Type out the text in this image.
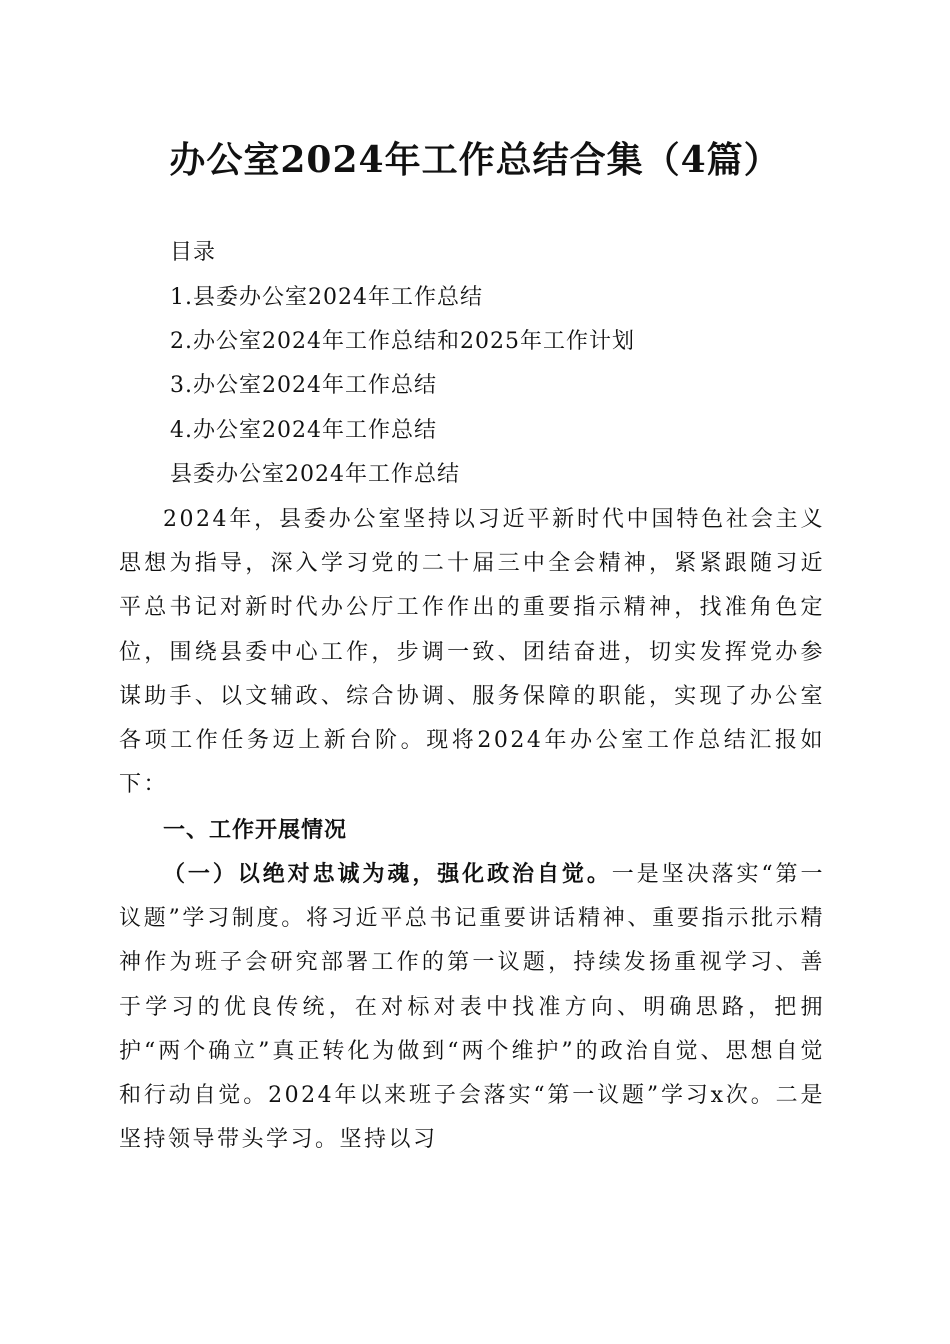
办公室2024年工作总结合集（4篇）
目录
1.县委办公室2024年工作总结
2.办公室2024年工作总结和2025年工作计划
3.办公室2024年工作总结
4.办公室2024年工作总结
县委办公室2024年工作总结

2024年，县委办公室坚持以习近平新时代中国特色社会主义思想为指导，深入学习党的二十届三中全会精神，紧紧跟随习近平总书记对新时代办公厅工作作出的重要指示精神，找准角色定位，围绕县委中心工作，步调一致、团结奋进，切实发挥党办参谋助手、以文辅政、综合协调、服务保障的职能，实现了办公室各项工作任务迈上新台阶。现将2024年办公室工作总结汇报如下：

一、工作开展情况

（一）以绝对忠诚为魂，强化政治自觉。一是坚决落实“第一议题”学习制度。将习近平总书记重要讲话精神、重要指示批示精神作为班子会研究部署工作的第一议题，持续发扬重视学习、善于学习的优良传统，在对标对表中找准方向、明确思路，把拥护“两个确立”真正转化为做到“两个维护”的政治自觉、思想自觉和行动自觉。2024年以来班子会落实“第一议题”学习x次。二是坚持领导带头学习。坚持以习
